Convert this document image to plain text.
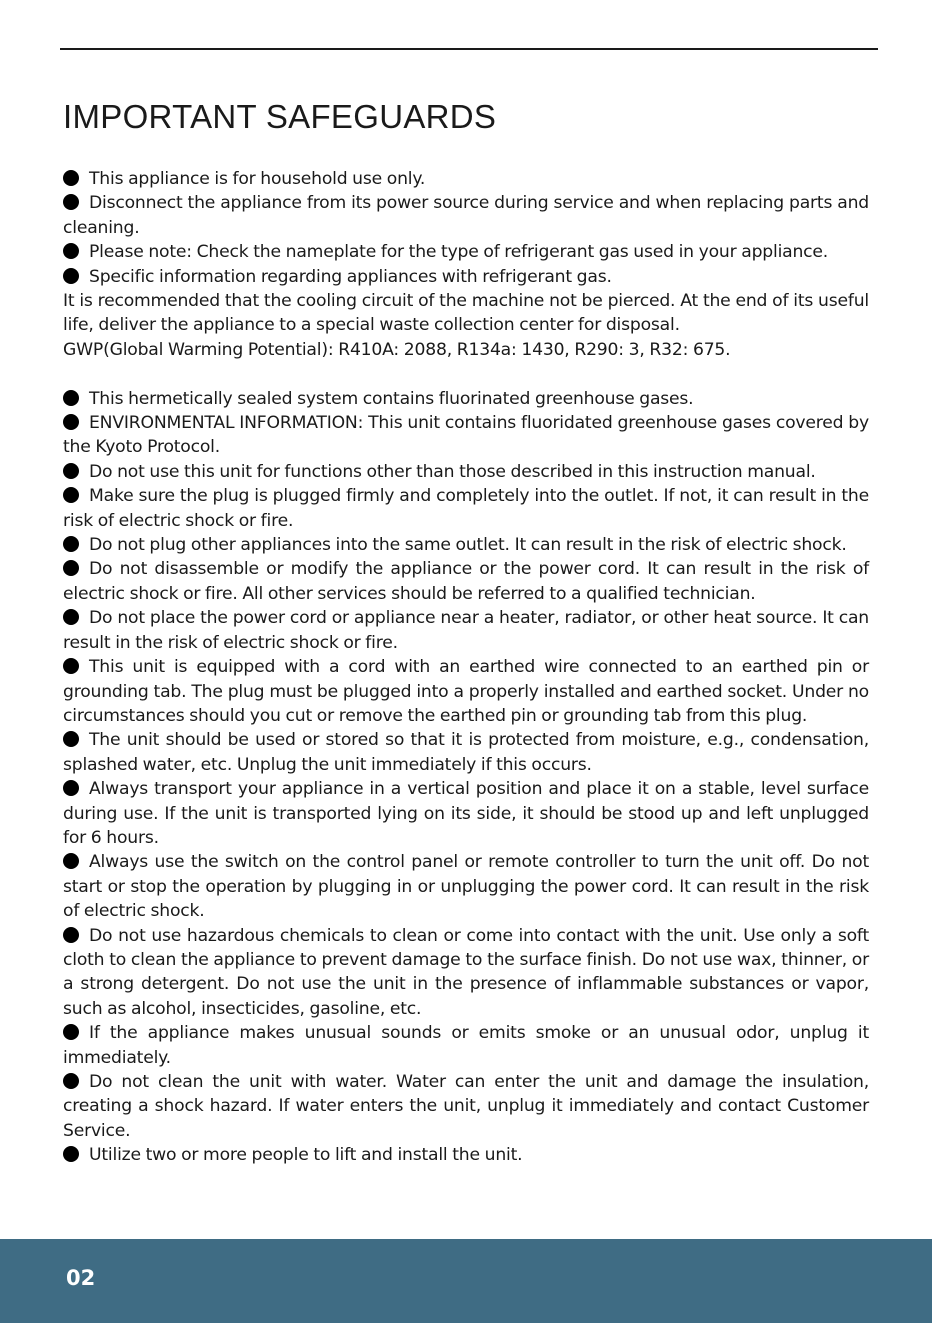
IMPORTANT SAFEGUARDS

This appliance is for household use only.

Disconnect the appliance from its power source during service and when replacing parts and cleaning.

Please note: Check the nameplate for the type of refrigerant gas used in your appliance.

Specific information regarding appliances with refrigerant gas.

It is recommended that the cooling circuit of the machine not be pierced. At the end of its useful life, deliver the appliance to a special waste collection center for disposal.

GWP(Global Warming Potential): R410A: 2088, R134a: 1430, R290: 3, R32: 675.

This hermetically sealed system contains fluorinated greenhouse gases.

ENVIRONMENTAL INFORMATION: This unit contains fluoridated greenhouse gases covered by the Kyoto Protocol.

Do not use this unit for functions other than those described in this instruction manual.

Make sure the plug is plugged firmly and completely into the outlet. If not, it can result in the risk of electric shock or fire.

Do not plug other appliances into the same outlet. It can result in the risk of electric shock.

Do not disassemble or modify the appliance or the power cord. It can result in the risk of electric shock or fire. All other services should be referred to a qualified technician.

Do not place the power cord or appliance near a heater, radiator, or other heat source. It can result in the risk of electric shock or fire.

This unit is equipped with a cord with an earthed wire connected to an earthed pin or grounding tab. The plug must be plugged into a properly installed and earthed socket. Under no circumstances should you cut or remove the earthed pin or grounding tab from this plug.

The unit should be used or stored so that it is protected from moisture, e.g., condensation, splashed water, etc. Unplug the unit immediately if this occurs.

Always transport your appliance in a vertical position and place it on a stable, level surface during use. If the unit is transported lying on its side, it should be stood up and left unplugged for 6 hours.

Always use the switch on the control panel or remote controller to turn the unit off. Do not start or stop the operation by plugging in or unplugging the power cord. It can result in the risk of electric shock.

Do not use hazardous chemicals to clean or come into contact with the unit. Use only a soft cloth to clean the appliance to prevent damage to the surface finish. Do not use wax, thinner, or a strong detergent. Do not use the unit in the presence of inflammable substances or vapor, such as alcohol, insecticides, gasoline, etc.

If the appliance makes unusual sounds or emits smoke or an unusual odor, unplug it immediately.

Do not clean the unit with water. Water can enter the unit and damage the insulation, creating a shock hazard. If water enters the unit, unplug it immediately and contact Customer Service.

Utilize two or more people to lift and install the unit.

02
